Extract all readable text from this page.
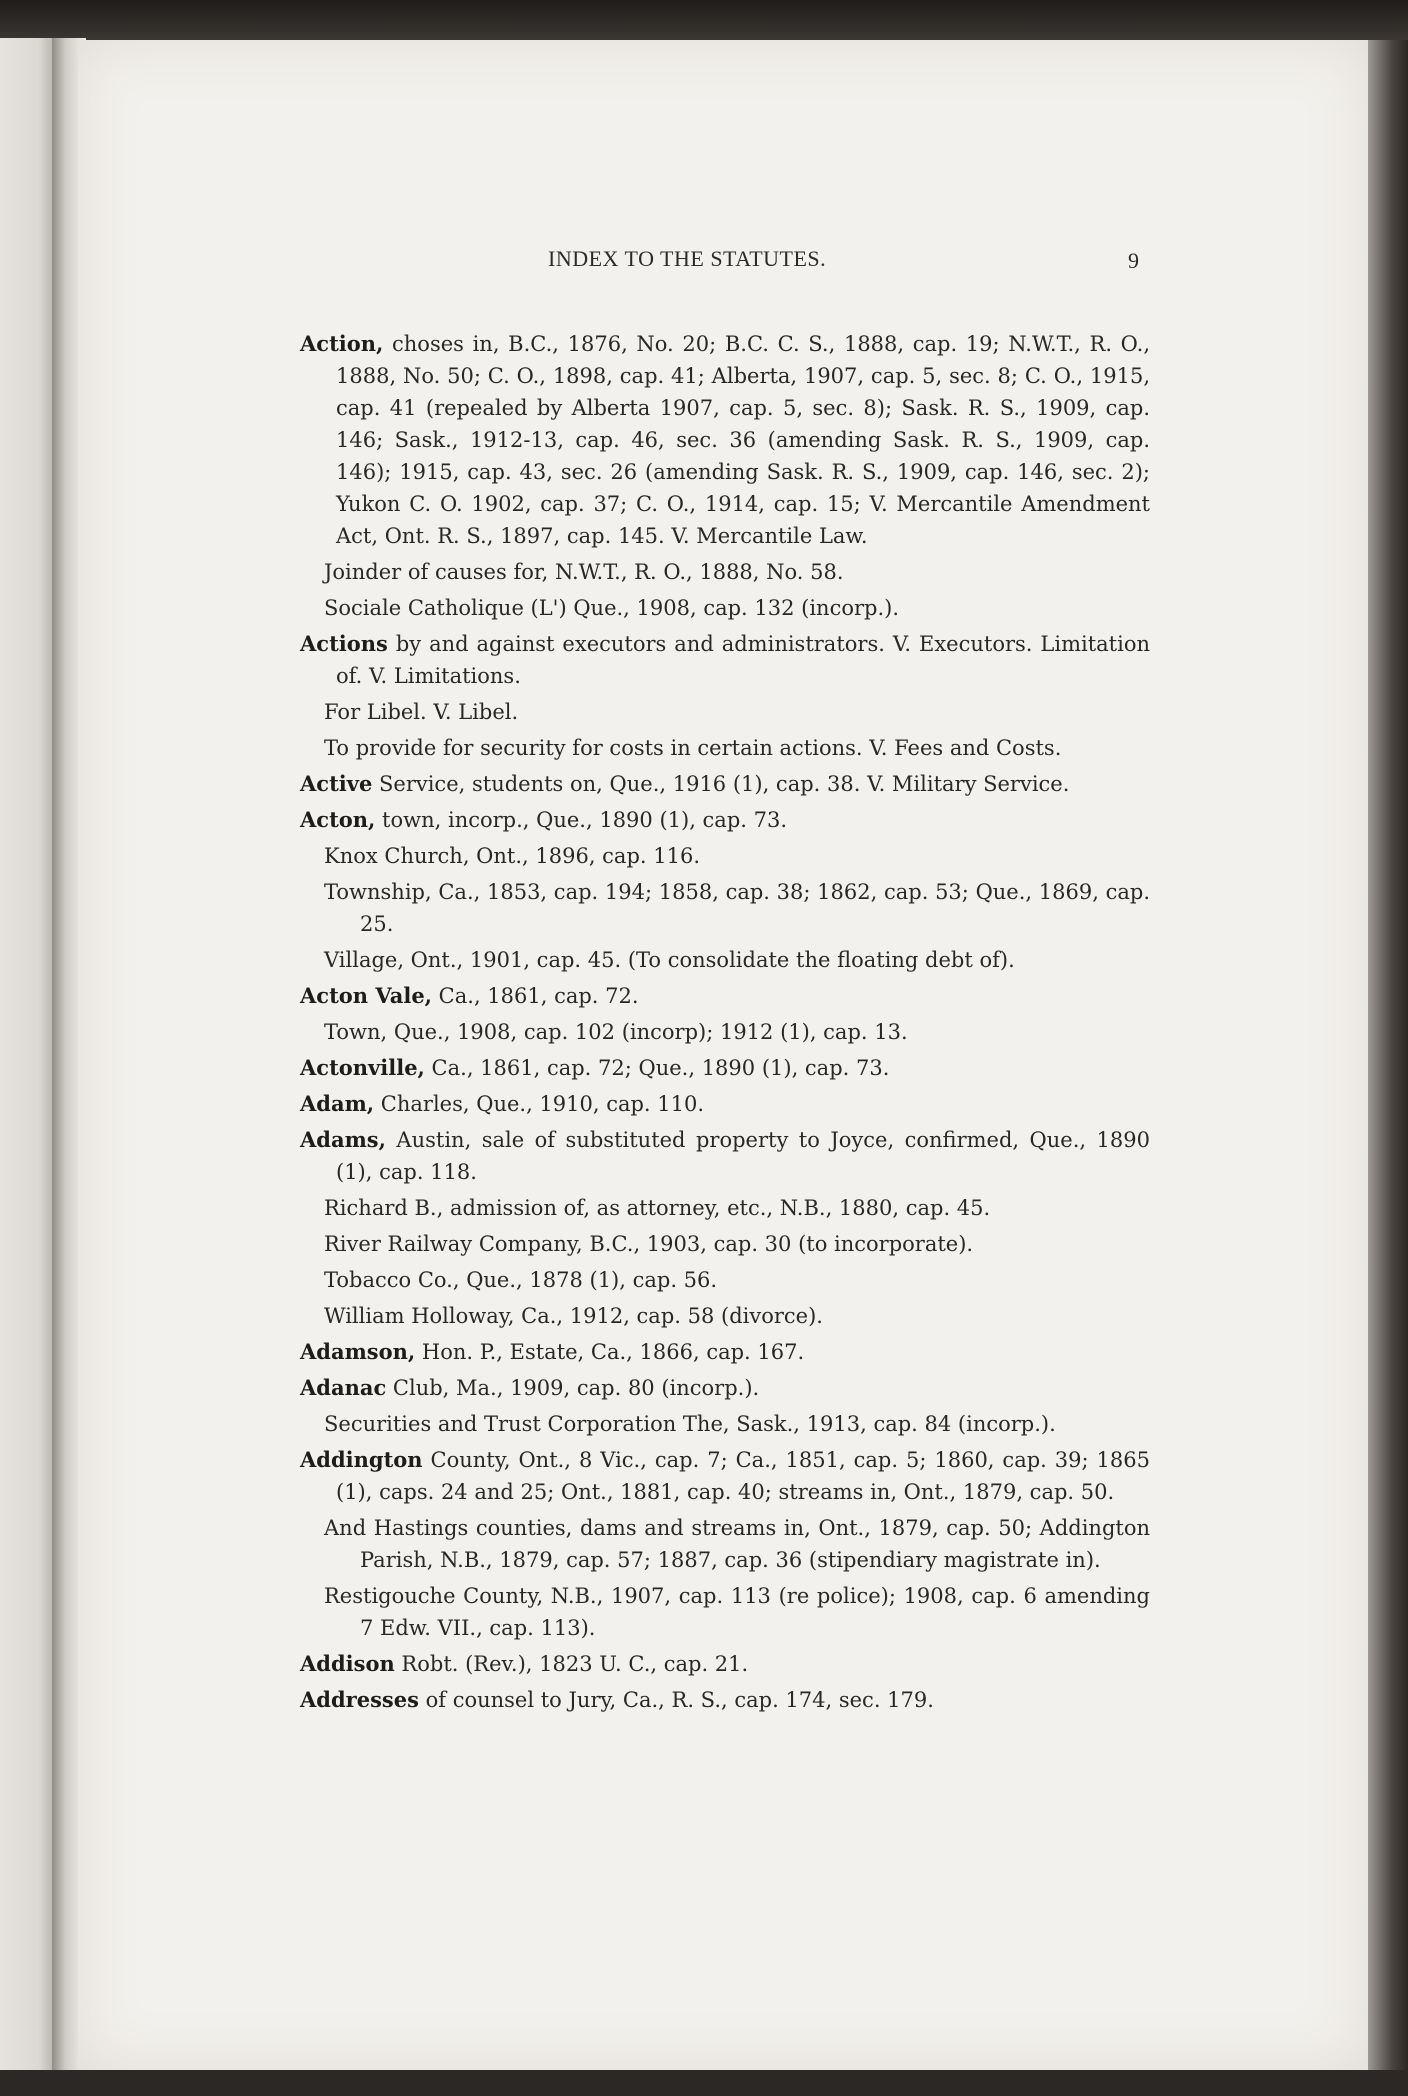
INDEX TO THE STATUTES.	9
Action, choses in, B.C., 1876, No. 20; B.C. C. S., 1888, cap. 19; N.W.T., R. O., 1888, No. 50; C. O., 1898, cap. 41; Alberta, 1907, cap. 5, sec. 8; C. O., 1915, cap. 41 (repealed by Alberta 1907, cap. 5, sec. 8); Sask. R. S., 1909, cap. 146; Sask., 1912-13, cap. 46, sec. 36 (amending Sask. R. S., 1909, cap. 146); 1915, cap. 43, sec. 26 (amending Sask. R. S., 1909, cap. 146, sec. 2); Yukon C. O. 1902, cap. 37; C. O., 1914, cap. 15; V. Mercantile Amendment Act, Ont. R. S., 1897, cap. 145. V. Mercantile Law.
Joinder of causes for, N.W.T., R. O., 1888, No. 58.
Sociale Catholique (L') Que., 1908, cap. 132 (incorp.).
Actions by and against executors and administrators. V. Executors. Limitation of. V. Limitations.
For Libel. V. Libel.
To provide for security for costs in certain actions. V. Fees and Costs.
Active Service, students on, Que., 1916 (1), cap. 38. V. Military Service.
Acton, town, incorp., Que., 1890 (1), cap. 73.
Knox Church, Ont., 1896, cap. 116.
Township, Ca., 1853, cap. 194; 1858, cap. 38; 1862, cap. 53; Que., 1869, cap. 25.
Village, Ont., 1901, cap. 45. (To consolidate the floating debt of).
Acton Vale, Ca., 1861, cap. 72.
Town, Que., 1908, cap. 102 (incorp); 1912 (1), cap. 13.
Actonville, Ca., 1861, cap. 72; Que., 1890 (1), cap. 73.
Adam, Charles, Que., 1910, cap. 110.
Adams, Austin, sale of substituted property to Joyce, confirmed, Que., 1890 (1), cap. 118.
Richard B., admission of, as attorney, etc., N.B., 1880, cap. 45.
River Railway Company, B.C., 1903, cap. 30 (to incorporate).
Tobacco Co., Que., 1878 (1), cap. 56.
William Holloway, Ca., 1912, cap. 58 (divorce).
Adamson, Hon. P., Estate, Ca., 1866, cap. 167.
Adanac Club, Ma., 1909, cap. 80 (incorp.).
Securities and Trust Corporation The, Sask., 1913, cap. 84 (incorp.).
Addington County, Ont., 8 Vic., cap. 7; Ca., 1851, cap. 5; 1860, cap. 39; 1865 (1), caps. 24 and 25; Ont., 1881, cap. 40; streams in, Ont., 1879, cap. 50.
And Hastings counties, dams and streams in, Ont., 1879, cap. 50; Addington Parish, N.B., 1879, cap. 57; 1887, cap. 36 (stipendiary magistrate in).
Restigouche County, N.B., 1907, cap. 113 (re police); 1908, cap. 6 amending 7 Edw. VII., cap. 113).
Addison Robt. (Rev.), 1823 U. C., cap. 21.
Addresses of counsel to Jury, Ca., R. S., cap. 174, sec. 179.
